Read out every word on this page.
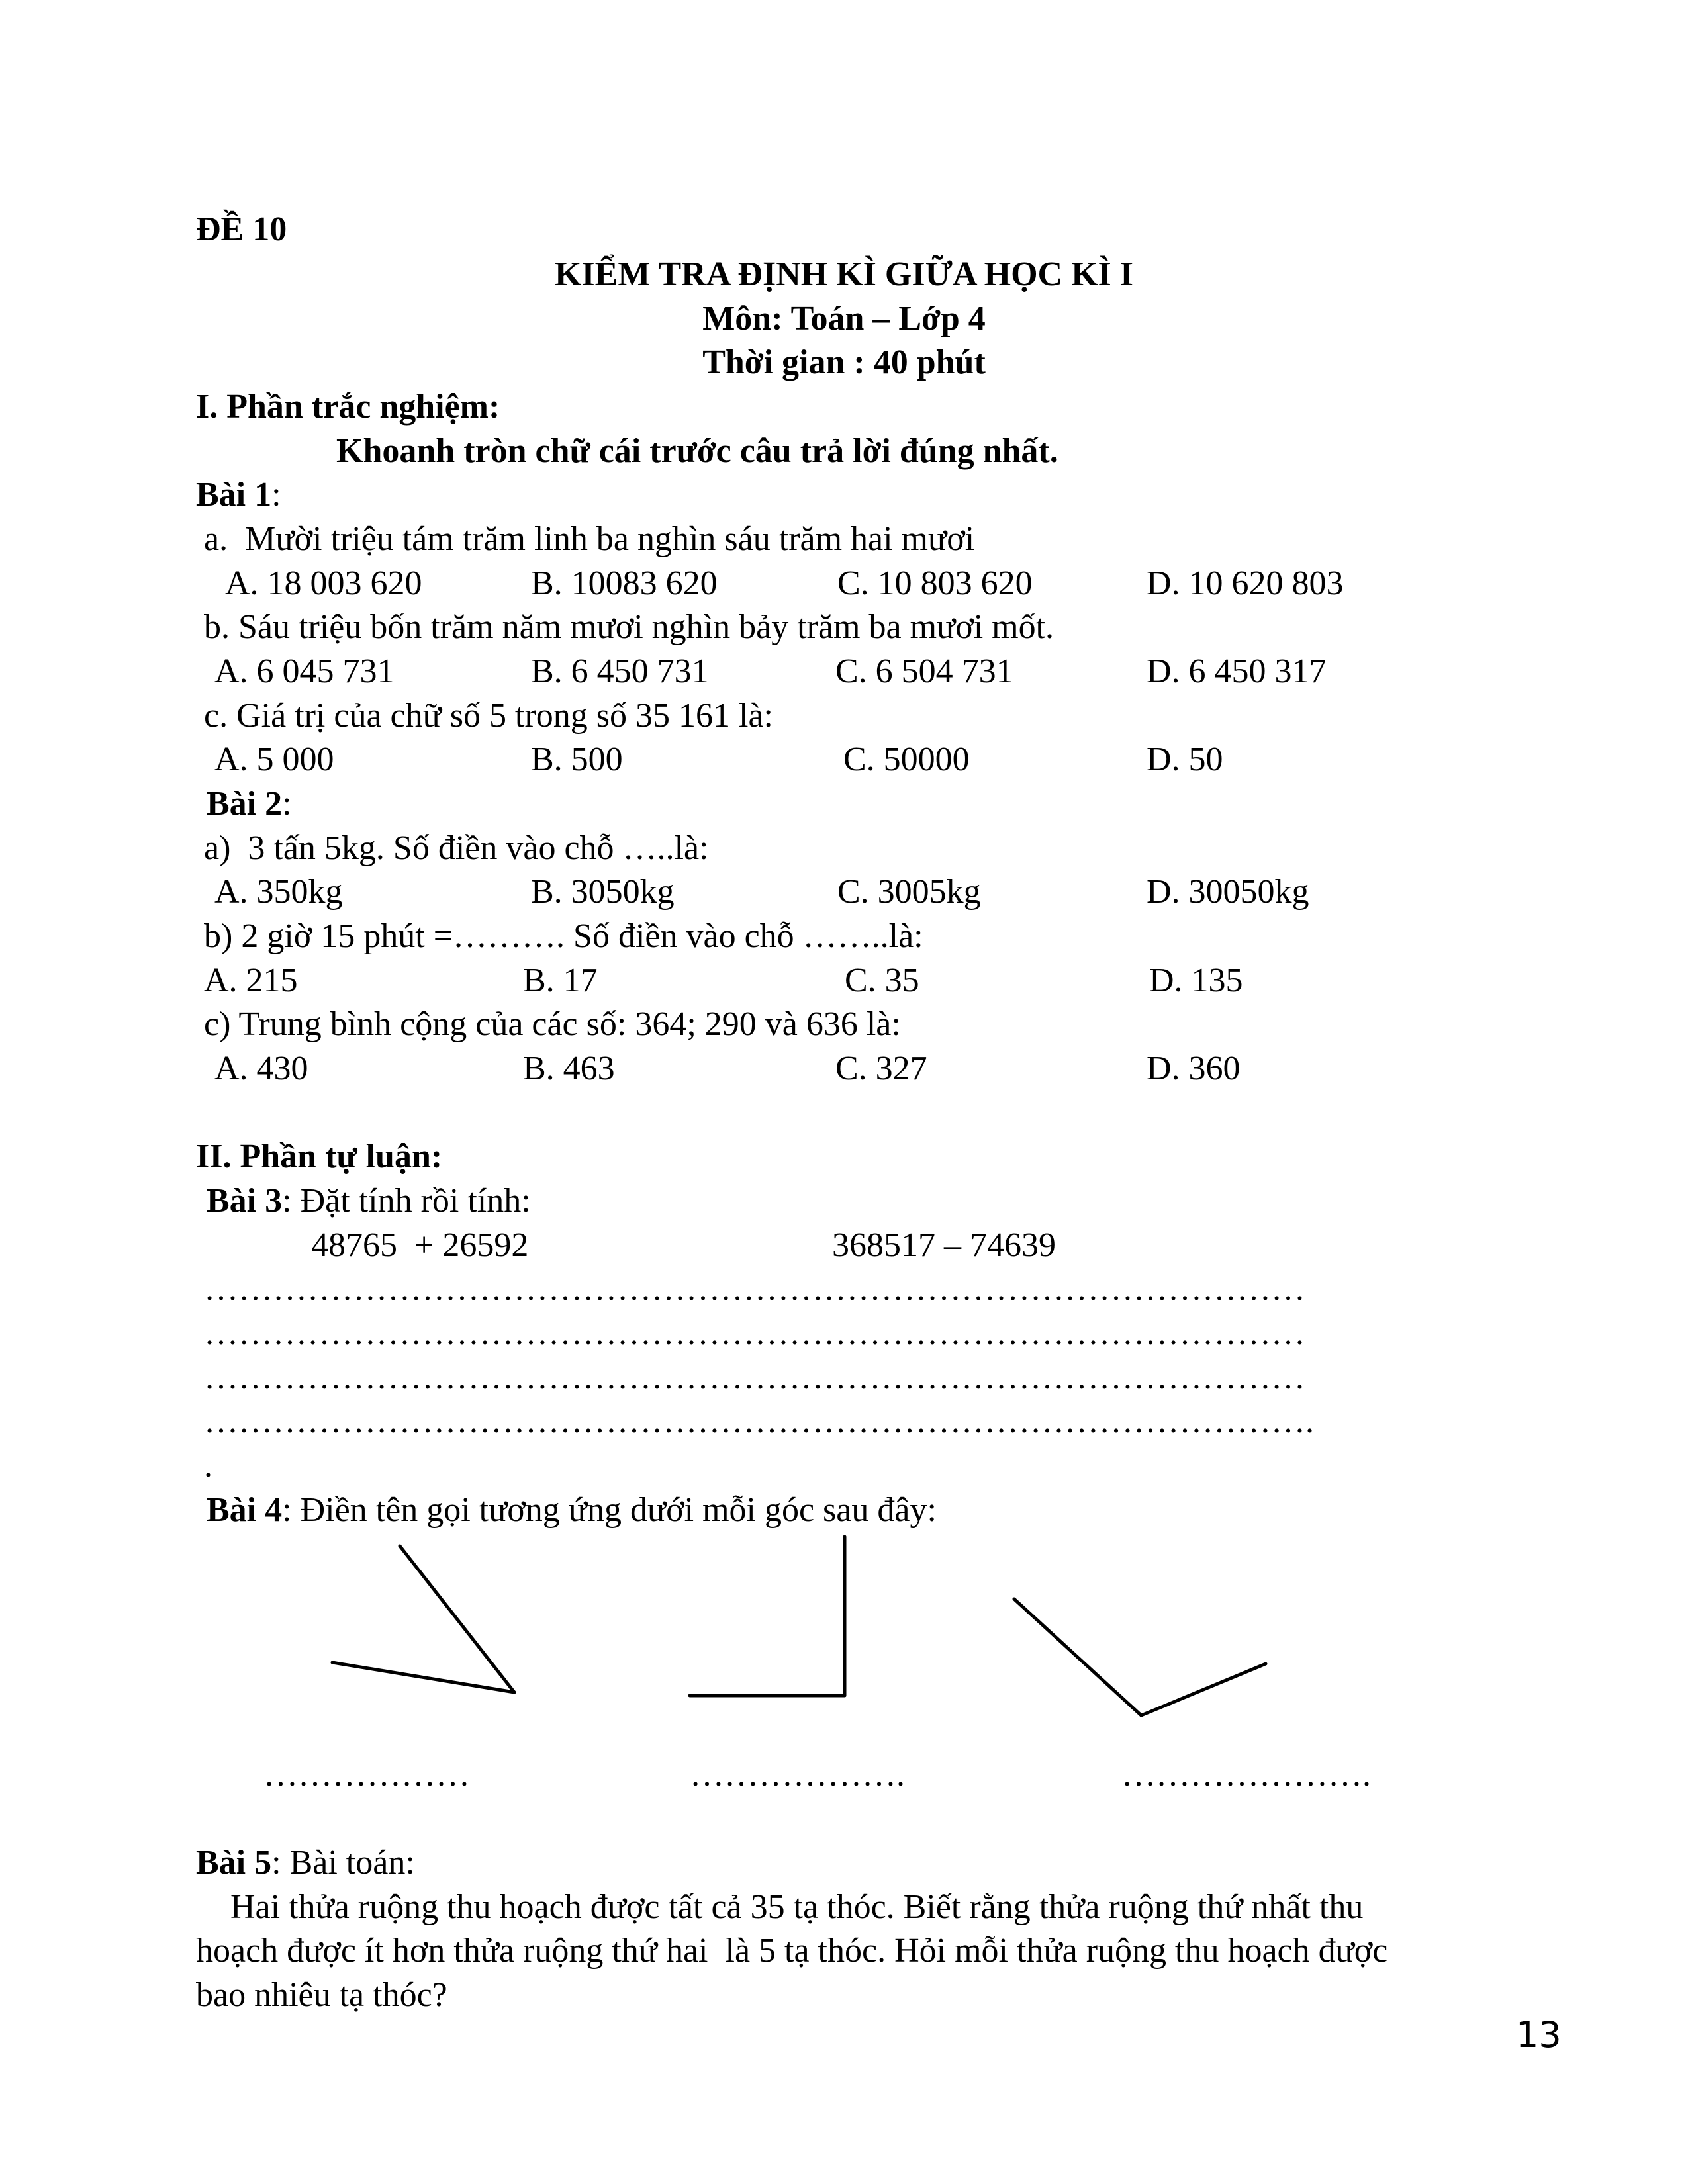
ĐỀ 10
KIỂM TRA ĐỊNH KÌ GIỮA HỌC KÌ I
Môn: Toán – Lớp 4
Thời gian : 40 phút
I. Phần trắc nghiệm:
Khoanh tròn chữ cái trước câu trả lời đúng nhất.
Bài 1:
a.  Mười triệu tám trăm linh ba nghìn sáu trăm hai mươi
A. 18 003 620	B. 10083 620	C. 10 803 620	D. 10 620 803
b. Sáu triệu bốn trăm năm mươi nghìn bảy trăm ba mươi mốt.
A. 6 045 731	B. 6 450 731	C. 6 504 731	D. 6 450 317
c. Giá trị của chữ số 5 trong số 35 161 là:
A. 5 000	B. 500	C. 50000	D. 50
Bài 2:
a)  3 tấn 5kg. Số điền vào chỗ …..là:
A. 350kg	B. 3050kg	C. 3005kg	D. 30050kg
b) 2 giờ 15 phút =………. Số điền vào chỗ ……..là:
A. 215	B. 17	C. 35	D. 135
c) Trung bình cộng của các số: 364; 290 và 636 là:
A. 430	B. 463	C. 327	D. 360
II. Phần tự luận:
Bài 3: Đặt tính rồi tính:
48765  + 26592	368517 – 74639
……………………………………………………………………………………
……………………………………………………………………………………
……………………………………………………………………………………
…………………………………………………………………………………….
.
Bài 4: Điền tên gọi tương ứng dưới mỗi góc sau đây:
………………	……………….	………………….
Bài 5: Bài toán:
Hai thửa ruộng thu hoạch được tất cả 35 tạ thóc. Biết rằng thửa ruộng thứ nhất thu
hoạch được ít hơn thửa ruộng thứ hai  là 5 tạ thóc. Hỏi mỗi thửa ruộng thu hoạch được
bao nhiêu tạ thóc?
13
